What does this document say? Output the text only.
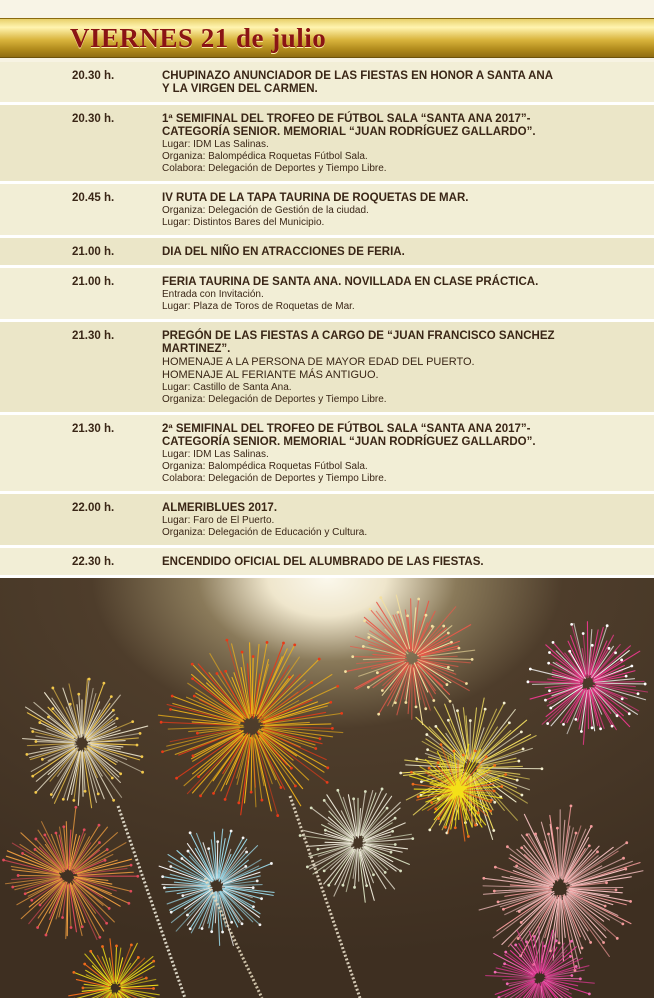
VIERNES 21 de julio
20.30 h.	CHUPINAZO ANUNCIADOR DE LAS FIESTAS EN HONOR A SANTA ANA
Y LA VIRGEN DEL CARMEN.
20.30 h.	1ª SEMIFINAL DEL TROFEO DE FÚTBOL SALA “SANTA ANA 2017”-
CATEGORÍA SENIOR. MEMORIAL “JUAN RODRÍGUEZ GALLARDO”.
Lugar: IDM Las Salinas.
Organiza: Balompédica Roquetas Fútbol Sala.
Colabora: Delegación de Deportes y Tiempo Libre.
20.45 h.	IV RUTA DE LA TAPA TAURINA DE ROQUETAS DE MAR.
Organiza: Delegación de Gestión de la ciudad.
Lugar: Distintos Bares del Municipio.
21.00 h.	DIA DEL NIÑO EN ATRACCIONES DE FERIA.
21.00 h.	FERIA TAURINA DE SANTA ANA. NOVILLADA EN CLASE PRÁCTICA.
Entrada con Invitación.
Lugar: Plaza de Toros de Roquetas de Mar.
21.30 h.	PREGÓN DE LAS FIESTAS A CARGO DE “JUAN FRANCISCO SANCHEZ
MARTINEZ”.
HOMENAJE A LA PERSONA DE MAYOR EDAD DEL PUERTO.
HOMENAJE AL FERIANTE MÁS ANTIGUO.
Lugar: Castillo de Santa Ana.
Organiza: Delegación de Deportes y Tiempo Libre.
21.30 h.	2ª SEMIFINAL DEL TROFEO DE FÚTBOL SALA “SANTA ANA 2017”-
CATEGORÍA SENIOR. MEMORIAL “JUAN RODRÍGUEZ GALLARDO”.
Lugar: IDM Las Salinas.
Organiza: Balompédica Roquetas Fútbol Sala.
Colabora: Delegación de Deportes y Tiempo Libre.
22.00 h.	ALMERIBLUES 2017.
Lugar: Faro de El Puerto.
Organiza: Delegación de Educación y Cultura.
22.30 h.	ENCENDIDO OFICIAL DEL ALUMBRADO DE LAS FIESTAS.
